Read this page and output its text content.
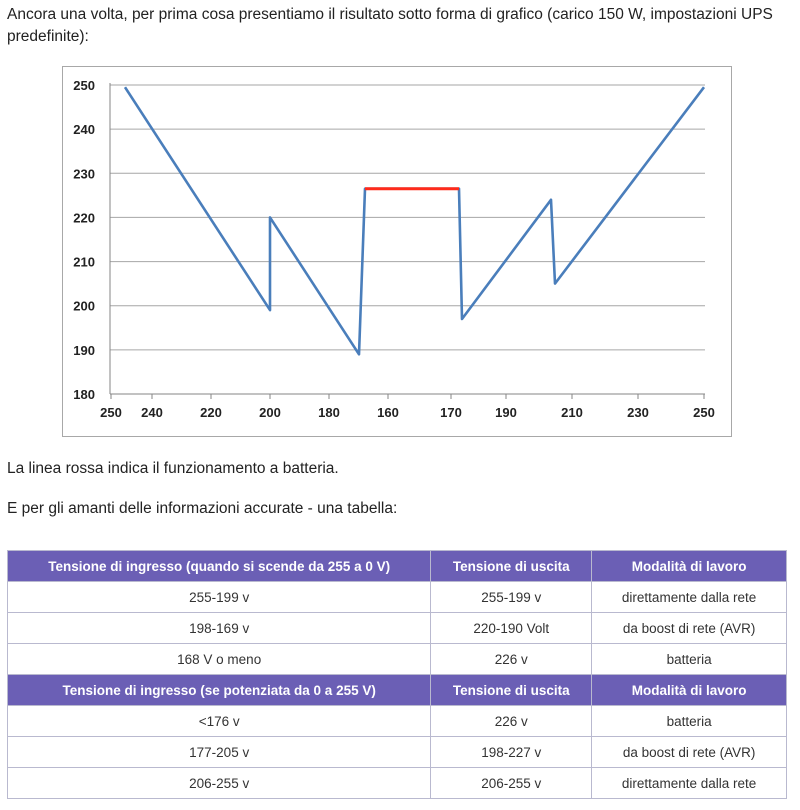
Ancora una volta, per prima cosa presentiamo il risultato sotto forma di grafico (carico 150 W, impostazioni UPS predefinite):
250
240
230
220
210
200
190
180
250 240	220	200	180	160	170	190	210	230	250
La linea rossa indica il funzionamento a batteria.
E per gli amanti delle informazioni accurate - una tabella:
Tensione di ingresso (quando si scende da 255 a 0 V)	Tensione di uscita	Modalità di lavoro
255-199 v	255-199 v	direttamente dalla rete
198-169 v	220-190 Volt	da boost di rete (AVR)
168 V o meno	226 v	batteria
Tensione di ingresso (se potenziata da 0 a 255 V)	Tensione di uscita	Modalità di lavoro
<176 v	226 v	batteria
177-205 v	198-227 v	da boost di rete (AVR)
206-255 v	206-255 v	direttamente dalla rete
